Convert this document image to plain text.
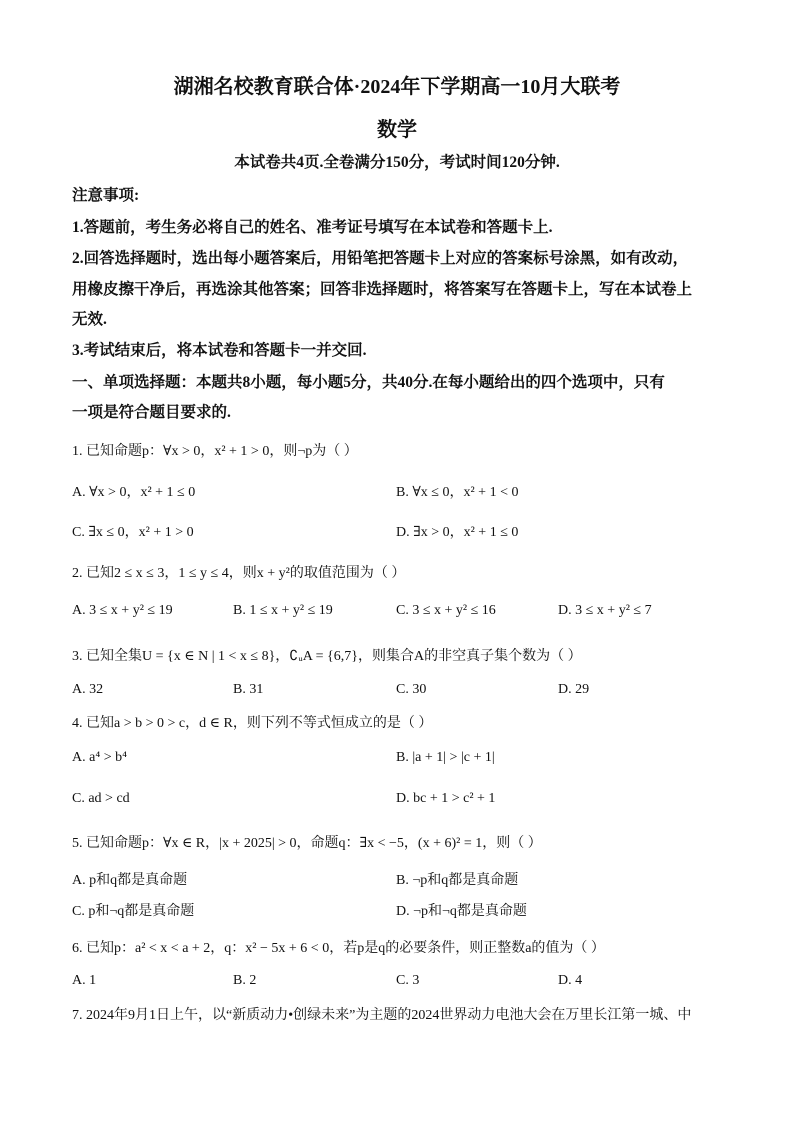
湖湘名校教育联合体·2024年下学期高一10月大联考
数学
本试卷共4页.全卷满分150分，考试时间120分钟.
注意事项:
1.答题前，考生务必将自己的姓名、准考证号填写在本试卷和答题卡上.
2.回答选择题时，选出每小题答案后，用铅笔把答题卡上对应的答案标号涂黑，如有改动，
用橡皮擦干净后，再选涂其他答案；回答非选择题时，将答案写在答题卡上，写在本试卷上
无效.
3.考试结束后，将本试卷和答题卡一并交回.
一、单项选择题：本题共8小题，每小题5分，共40分.在每小题给出的四个选项中，只有
一项是符合题目要求的.
1. 已知命题p：∀x > 0，x² + 1 > 0，则¬p为（ ）
A. ∀x > 0，x² + 1 ≤ 0	B. ∀x ≤ 0，x² + 1 < 0
C. ∃x ≤ 0，x² + 1 > 0	D. ∃x > 0，x² + 1 ≤ 0
2. 已知2 ≤ x ≤ 3，1 ≤ y ≤ 4，则x + y²的取值范围为（ ）
A. 3 ≤ x + y² ≤ 19	B. 1 ≤ x + y² ≤ 19	C. 3 ≤ x + y² ≤ 16	D. 3 ≤ x + y² ≤ 7
3. 已知全集U = {x ∈ N | 1 < x ≤ 8}，∁ᵤA = {6,7}，则集合A的非空真子集个数为（ ）
A. 32	B. 31	C. 30	D. 29
4. 已知a > b > 0 > c，d ∈ R，则下列不等式恒成立的是（ ）
A. a⁴ > b⁴	B. |a + 1| > |c + 1|
C. ad > cd	D. bc + 1 > c² + 1
5. 已知命题p：∀x ∈ R，|x + 2025| > 0，命题q：∃x < −5，(x + 6)² = 1，则（ ）
A. p和q都是真命题	B. ¬p和q都是真命题
C. p和¬q都是真命题	D. ¬p和¬q都是真命题
6. 已知p：a² < x < a + 2，q：x² − 5x + 6 < 0，若p是q的必要条件，则正整数a的值为（ ）
A. 1	B. 2	C. 3	D. 4
7. 2024年9月1日上午，以“新质动力•创绿未来”为主题的2024世界动力电池大会在万里长江第一城、中
